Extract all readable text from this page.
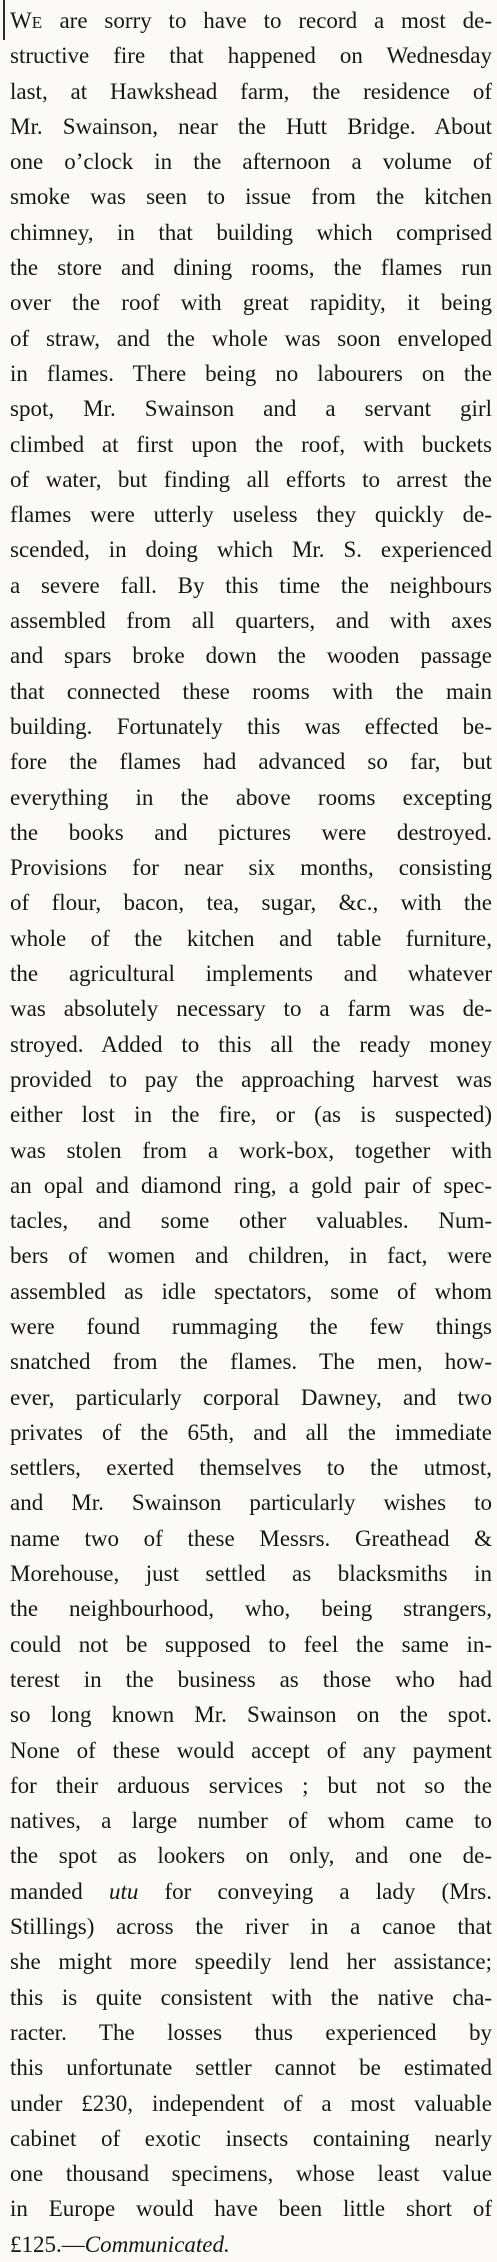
WE are sorry to have to record a most de-
structive fire that happened on Wednesday
last, at Hawkshead farm, the residence of
Mr. Swainson, near the Hutt Bridge. About
one o’clock in the afternoon a volume of
smoke was seen to issue from the kitchen
chimney, in that building which comprised
the store and dining rooms, the flames run
over the roof with great rapidity, it being
of straw, and the whole was soon enveloped
in flames. There being no labourers on the
spot, Mr. Swainson and a servant girl
climbed at first upon the roof, with buckets
of water, but finding all efforts to arrest the
flames were utterly useless they quickly de-
scended, in doing which Mr. S. experienced
a severe fall. By this time the neighbours
assembled from all quarters, and with axes
and spars broke down the wooden passage
that connected these rooms with the main
building. Fortunately this was effected be-
fore the flames had advanced so far, but
everything in the above rooms excepting
the books and pictures were destroyed.
Provisions for near six months, consisting
of flour, bacon, tea, sugar, &c., with the
whole of the kitchen and table furniture,
the agricultural implements and whatever
was absolutely necessary to a farm was de-
stroyed. Added to this all the ready money
provided to pay the approaching harvest was
either lost in the fire, or (as is suspected)
was stolen from a work-box, together with
an opal and diamond ring, a gold pair of spec-
tacles, and some other valuables. Num-
bers of women and children, in fact, were
assembled as idle spectators, some of whom
were found rummaging the few things
snatched from the flames. The men, how-
ever, particularly corporal Dawney, and two
privates of the 65th, and all the immediate
settlers, exerted themselves to the utmost,
and Mr. Swainson particularly wishes to
name two of these Messrs. Greathead &
Morehouse, just settled as blacksmiths in
the neighbourhood, who, being strangers,
could not be supposed to feel the same in-
terest in the business as those who had
so long known Mr. Swainson on the spot.
None of these would accept of any payment
for their arduous services ; but not so the
natives, a large number of whom came to
the spot as lookers on only, and one de-
manded utu for conveying a lady (Mrs.
Stillings) across the river in a canoe that
she might more speedily lend her assistance;
this is quite consistent with the native cha-
racter. The losses thus experienced by
this unfortunate settler cannot be estimated
under £230, independent of a most valuable
cabinet of exotic insects containing nearly
one thousand specimens, whose least value
in Europe would have been little short of
£125.—Communicated.
